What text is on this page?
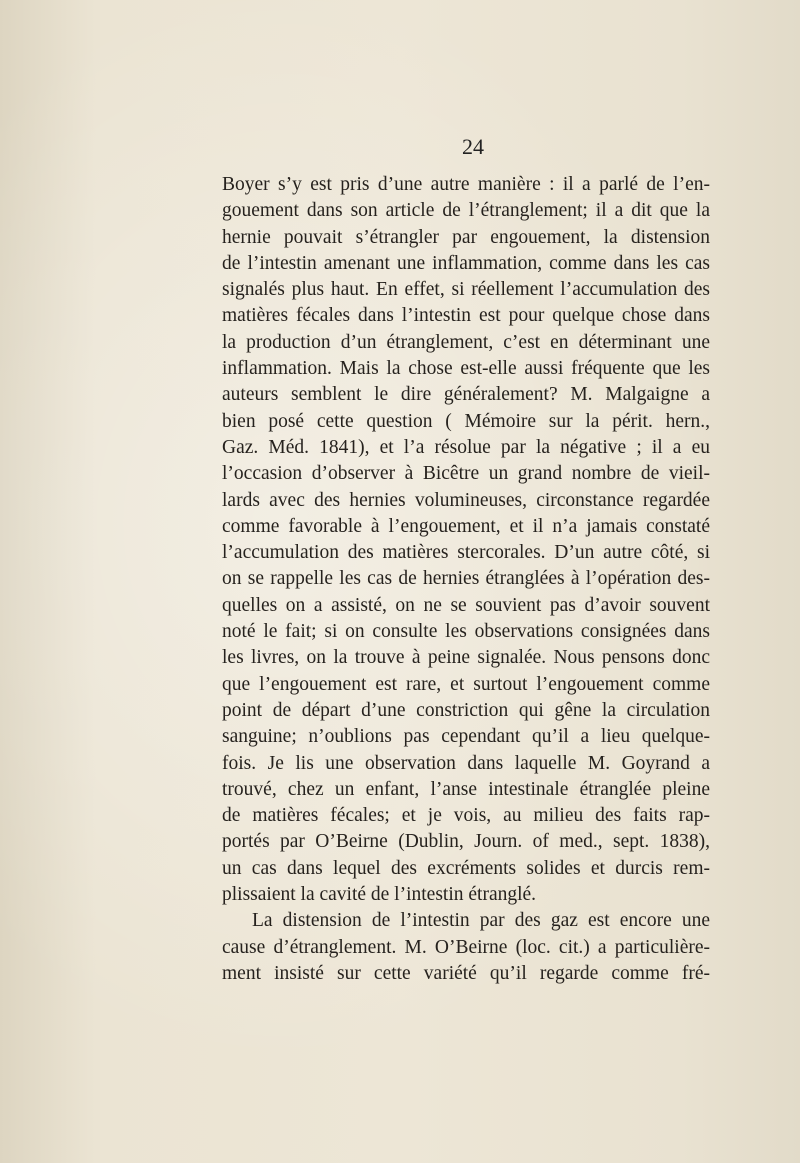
24
Boyer s’y est pris d’une autre manière : il a parlé de l’en-
gouement dans son article de l’étranglement; il a dit que la
hernie pouvait s’étrangler par engouement, la distension
de l’intestin amenant une inflammation, comme dans les cas
signalés plus haut. En effet, si réellement l’accumulation des
matières fécales dans l’intestin est pour quelque chose dans
la production d’un étranglement, c’est en déterminant une
inflammation. Mais la chose est-elle aussi fréquente que les
auteurs semblent le dire généralement? M. Malgaigne a
bien posé cette question ( Mémoire sur la périt. hern.,
Gaz. Méd. 1841), et l’a résolue par la négative ; il a eu
l’occasion d’observer à Bicêtre un grand nombre de vieil-
lards avec des hernies volumineuses, circonstance regardée
comme favorable à l’engouement, et il n’a jamais constaté
l’accumulation des matières stercorales. D’un autre côté, si
on se rappelle les cas de hernies étranglées à l’opération des-
quelles on a assisté, on ne se souvient pas d’avoir souvent
noté le fait; si on consulte les observations consignées dans
les livres, on la trouve à peine signalée. Nous pensons donc
que l’engouement est rare, et surtout l’engouement comme
point de départ d’une constriction qui gêne la circulation
sanguine; n’oublions pas cependant qu’il a lieu quelque-
fois. Je lis une observation dans laquelle M. Goyrand a
trouvé, chez un enfant, l’anse intestinale étranglée pleine
de matières fécales; et je vois, au milieu des faits rap-
portés par O’Beirne (Dublin, Journ. of med., sept. 1838),
un cas dans lequel des excréments solides et durcis rem-
plissaient la cavité de l’intestin étranglé.
La distension de l’intestin par des gaz est encore une
cause d’étranglement. M. O’Beirne (loc. cit.) a particulière-
ment insisté sur cette variété qu’il regarde comme fré-
